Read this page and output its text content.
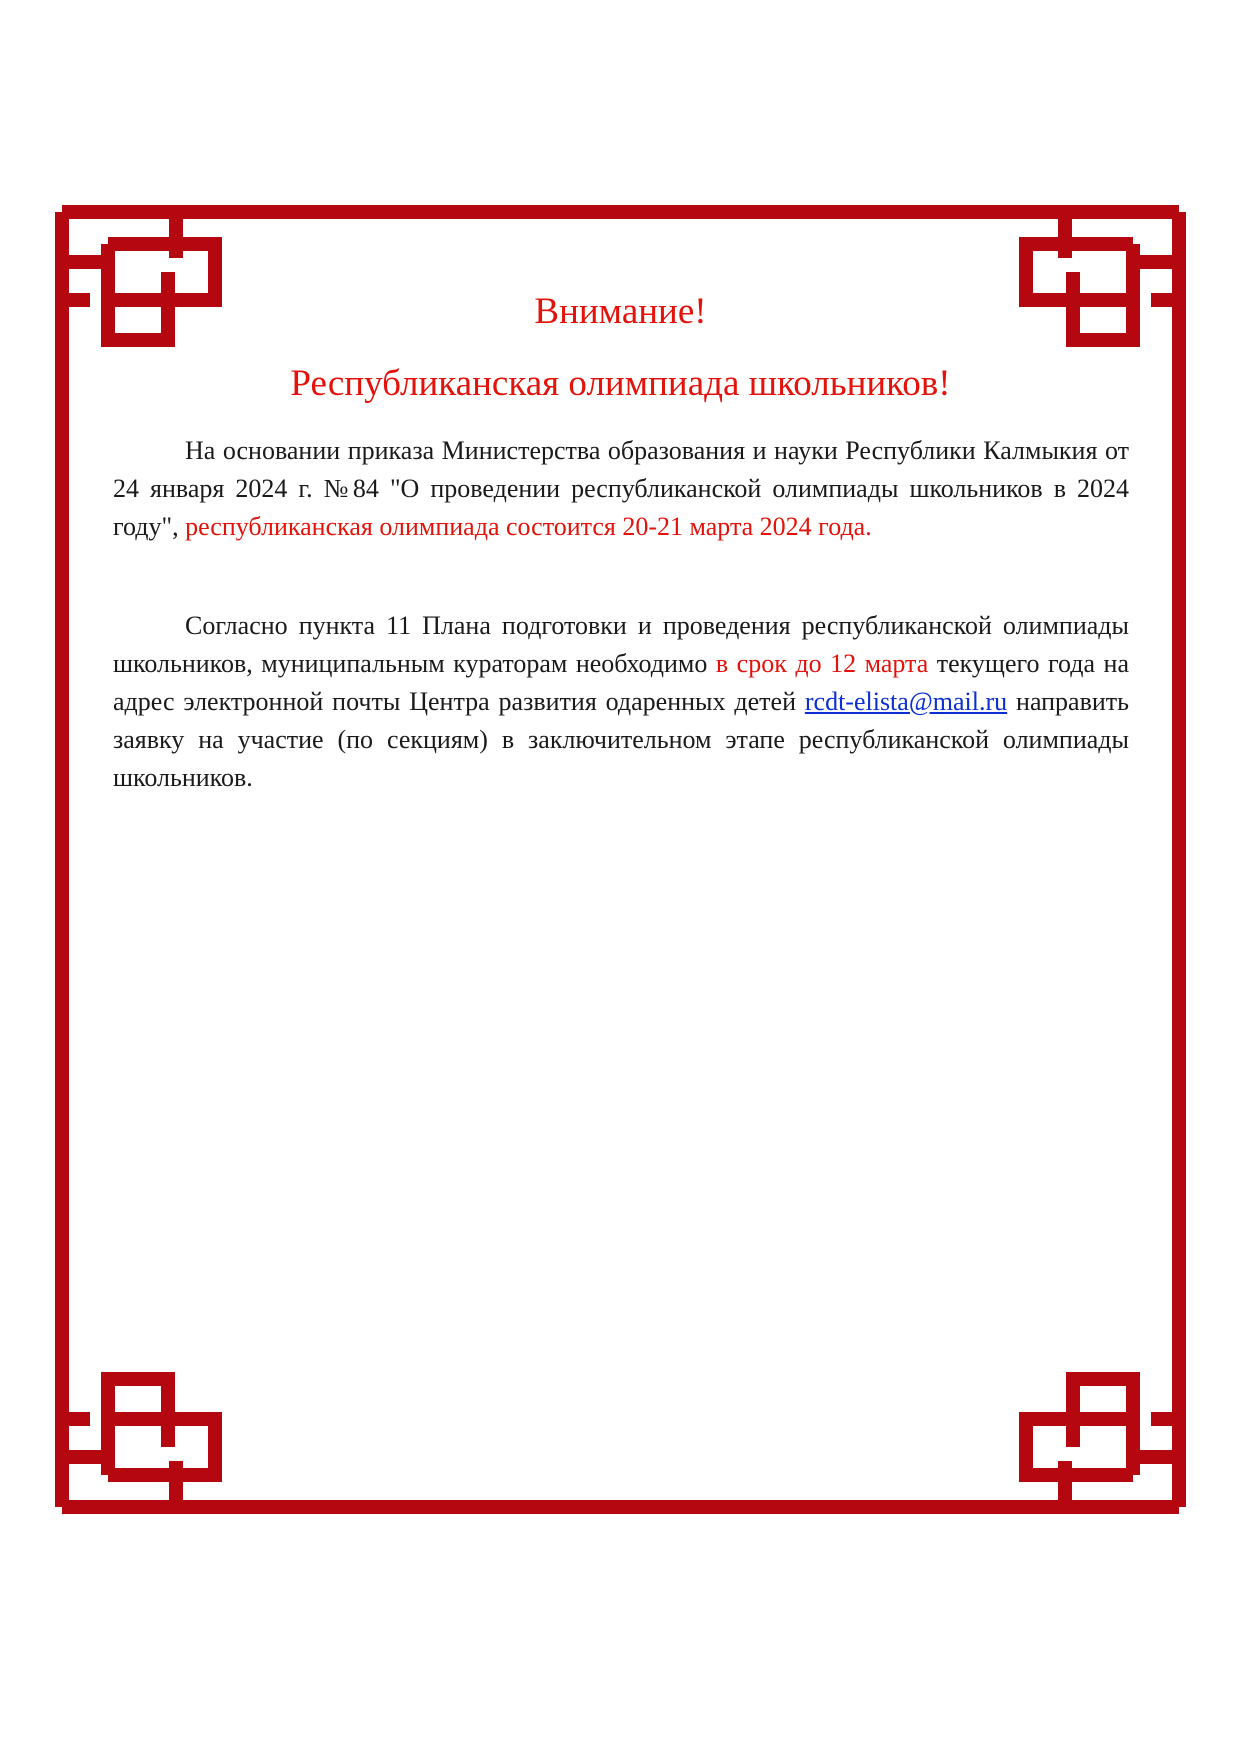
Внимание!
Республиканская олимпиада школьников!

На основании приказа Министерства образования и науки Республики Калмыкия от 24 января 2024 г. №84 "О проведении республиканской олимпиады школьников в 2024 году", республиканская олимпиада состоится 20-21 марта 2024 года.

Согласно пункта 11 Плана подготовки и проведения республиканской олимпиады школьников, муниципальным кураторам необходимо в срок до 12 марта текущего года на адрес электронной почты Центра развития одаренных детей rcdt-elista@mail.ru направить заявку на участие (по секциям) в заключительном этапе республиканской олимпиады школьников.
